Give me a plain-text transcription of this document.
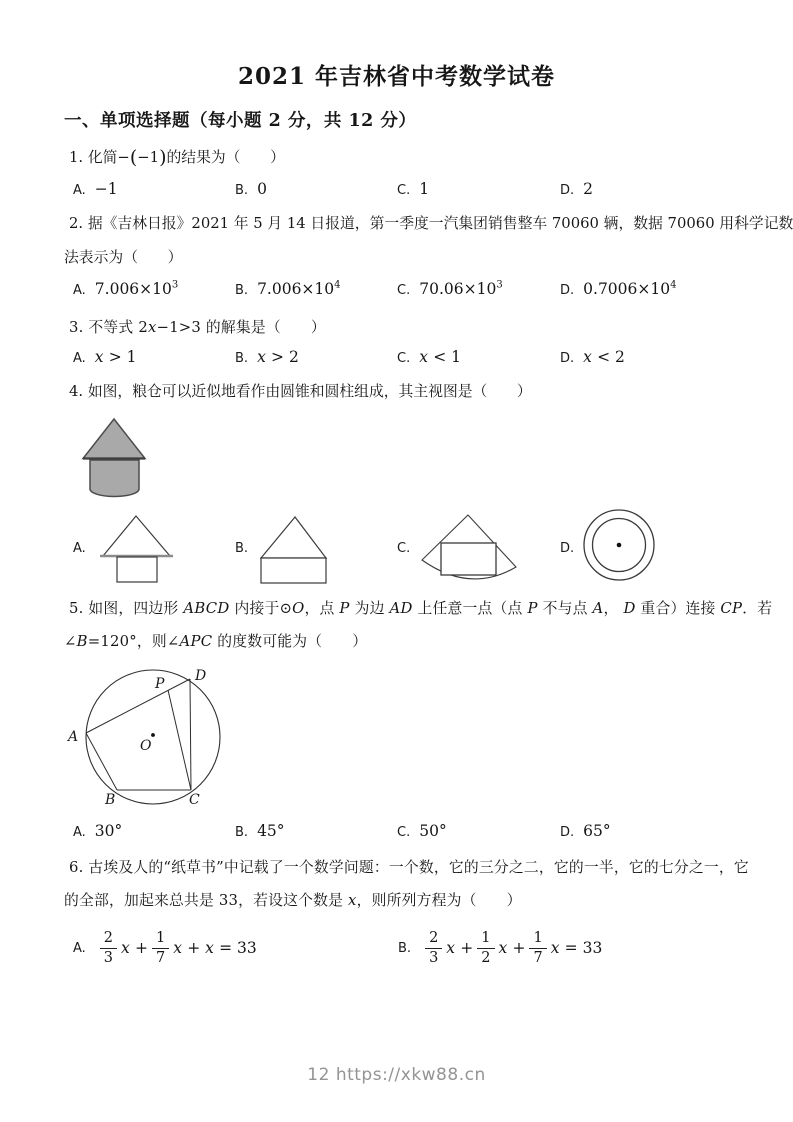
2021 年吉林省中考数学试卷
一、单项选择题（每小题 2 分，共 12 分）
1. 化简−(−1)的结果为（　　）
A. −1	B. 0	C. 1	D. 2
2. 据《吉林日报》2021 年 5 月 14 日报道，第一季度一汽集团销售整车 70060 辆，数据 70060 用科学记数
法表示为（　　）
A. $7.006\times 10^3$	B. $7.006\times 10^4$	C. $70.06\times 10^3$	D. $0.7006\times 10^4$
3. 不等式 2x−1>3 的解集是（　　）
A. x > 1	B. x > 2	C. x < 1	D. x < 2
4. 如图，粮仓可以近似地看作由圆锥和圆柱组成，其主视图是（　　）
A.	B.	C.	D.
5. 如图，四边形 ABCD 内接于⊙O，点 P 为边 AD 上任意一点（点 P 不与点 A， D 重合）连接 CP．若
∠B=120°，则∠APC 的度数可能为（　　）
A
B	C
D
P
O
A. 30°	B. 45°	C. 50°	D. 65°
6. 古埃及人的“纸草书”中记载了一个数学问题：一个数，它的三分之二，它的一半，它的七分之一，它
的全部，加起来总共是 33，若设这个数是 x，则所列方程为（　　）
A. $\frac{2}{3}$ $x + \frac{1}{7}$ x + x = 33	B. $\frac{2}{3}$ $x + \frac{1}{2}$ $x + \frac{1}{7}$ x = 33
12 https://xkw88.cn
